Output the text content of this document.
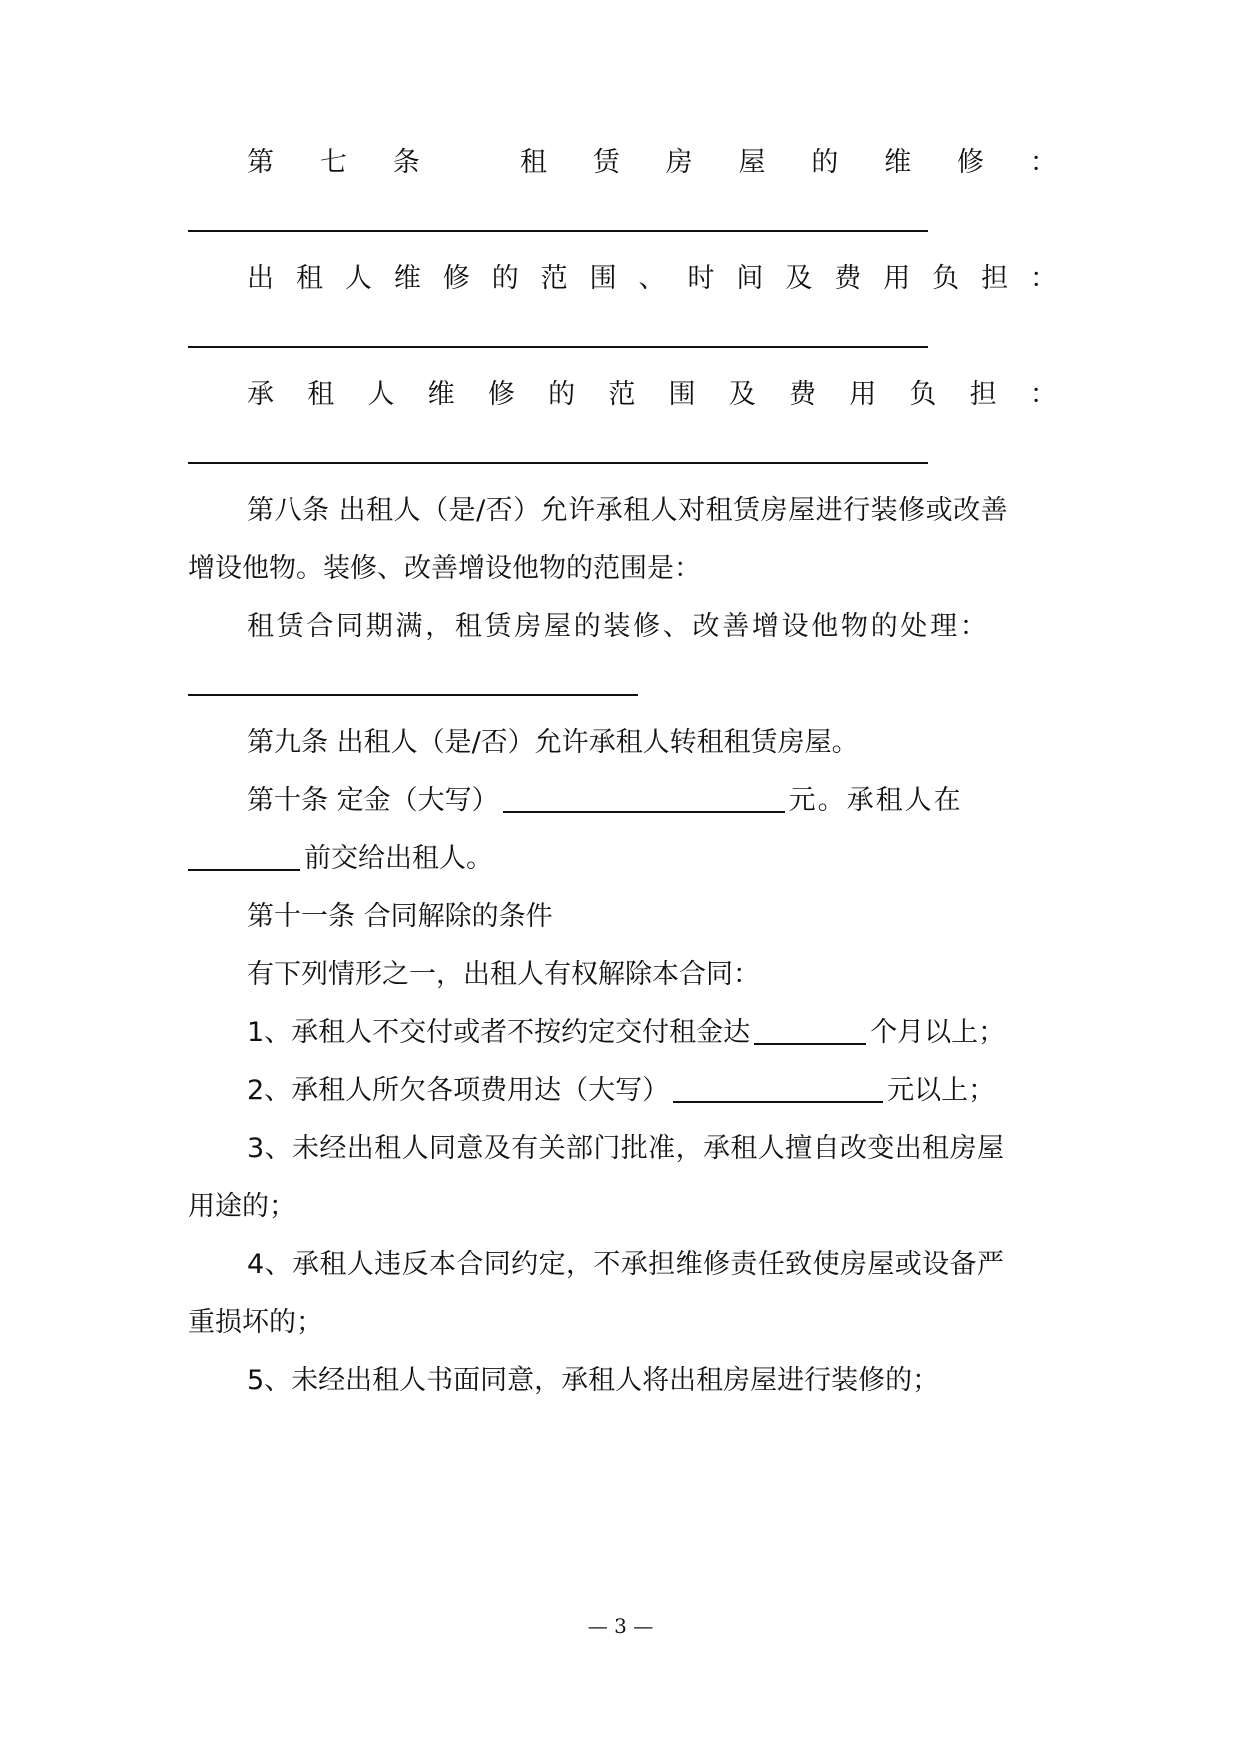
第 七 条
	租 赁 房 屋 的 维 修 ：
出 租 人 维 修 的 范 围 、 时 间 及 费 用 负 担 ：
承 租 人 维 修 的 范 围 及 费 用 负 担 ：
第八条 出租人（是/否）允许承租人对租赁房屋进行装修或改善
增设他物。装修、改善增设他物的范围是：
租赁合同期满，租赁房屋的装修、改善增设他物的处理：
第九条 出租人（是/否）允许承租人转租租赁房屋。
第十条 定金（大写）	元。承租人在
前交给出租人。
第十一条 合同解除的条件
有下列情形之一，出租人有权解除本合同：
1、承租人不交付或者不按约定交付租金达	个月以上；
2、承租人所欠各项费用达（大写）	元以上；
3、未经出租人同意及有关部门批准，承租人擅自改变出租房屋
用途的；
4、承租人违反本合同约定，不承担维修责任致使房屋或设备严
重损坏的；
5、未经出租人书面同意，承租人将出租房屋进行装修的；
— 3 —
